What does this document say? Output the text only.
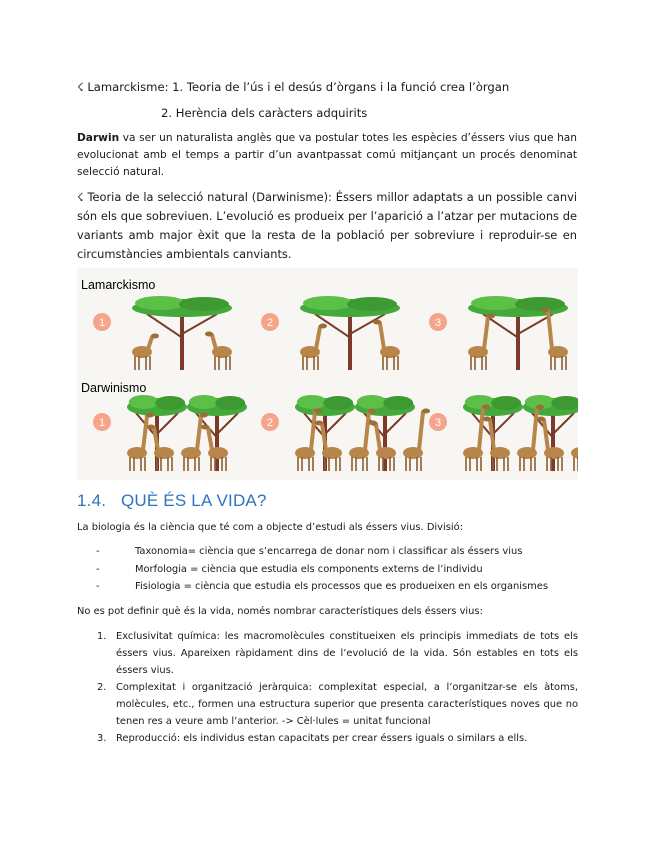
☇ Lamarckisme: 1. Teoria de l’ús i el desús d’òrgans i la funció crea l’òrgan
2. Herència dels caràcters adquirits
Darwin va ser un naturalista anglès que va postular totes les espècies d’éssers vius que han evolucionat amb el temps a partir d’un avantpassat comú mitjançant un procés denominat selecció natural.
☇ Teoria de la selecció natural (Darwinisme): Éssers millor adaptats a un possible canvi són els que sobreviuen. L’evolució es produeix per l’aparició a l’atzar per mutacions de variants amb major èxit que la resta de la població per sobreviure i reproduir-se en circumstàncies ambientals canviants.
Lamarckismo
Darwinismo
1	2	3
1	2	3
1.4. QUÈ ÉS LA VIDA?
La biologia és la ciència que té com a objecte d’estudi als éssers vius. Divisió:
-	Taxonomia= ciència que s’encarrega de donar nom i classificar als éssers vius
-	Morfologia = ciència que estudia els components externs de l’individu
-	Fisiologia = ciència que estudia els processos que es produeixen en els organismes
No es pot definir què és la vida, només nombrar característiques dels éssers vius:
1. Exclusivitat química: les macromolècules constitueixen els principis immediats de tots els éssers vius. Apareixen ràpidament dins de l’evolució de la vida. Són estables en tots els éssers vius.
2. Complexitat i organització jeràrquica: complexitat especial, a l’organitzar-se els àtoms, molècules, etc., formen una estructura superior que presenta característiques noves que no tenen res a veure amb l’anterior. -> Cèl·lules = unitat funcional
3. Reproducció: els individus estan capacitats per crear éssers iguals o similars a ells.
